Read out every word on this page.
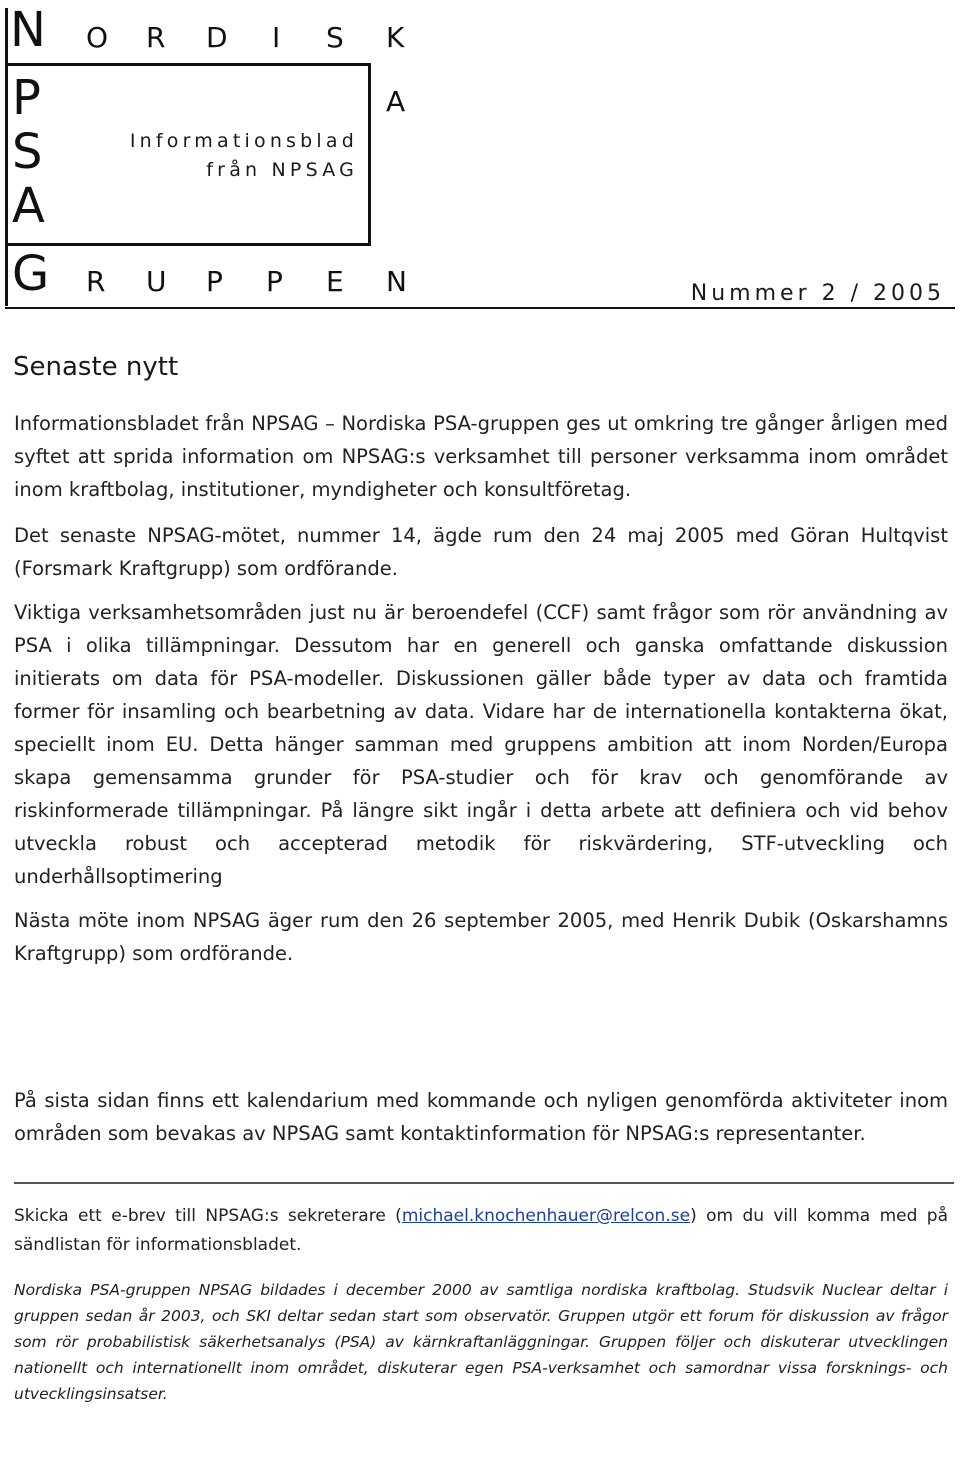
N
P
S
A
G
O R D I S K
A
Informationsblad
från NPSAG
R U P P E N	Nummer 2 / 2005
Senaste nytt

Informationsbladet från NPSAG – Nordiska PSA-gruppen ges ut omkring tre gånger årligen med syftet att sprida information om NPSAG:s verksamhet till personer verksamma inom området inom kraftbolag, institutioner, myndigheter och konsultföretag.

Det senaste NPSAG-mötet, nummer 14, ägde rum den 24 maj 2005 med Göran Hultqvist (Forsmark Kraftgrupp) som ordförande.

Viktiga verksamhetsområden just nu är beroendefel (CCF) samt frågor som rör användning av PSA i olika tillämpningar. Dessutom har en generell och ganska omfattande diskussion initierats om data för PSA-modeller. Diskussionen gäller både typer av data och framtida former för insamling och bearbetning av data. Vidare har de internationella kontakterna ökat, speciellt inom EU. Detta hänger samman med gruppens ambition att inom Norden/Europa skapa gemensamma grunder för PSA-studier och för krav och genomförande av riskinformerade tillämpningar. På längre sikt ingår i detta arbete att definiera och vid behov utveckla robust och accepterad metodik för riskvärdering, STF-utveckling och underhållsoptimering

Nästa möte inom NPSAG äger rum den 26 september 2005, med Henrik Dubik (Oskarshamns Kraftgrupp) som ordförande.

På sista sidan finns ett kalendarium med kommande och nyligen genomförda aktiviteter inom områden som bevakas av NPSAG samt kontaktinformation för NPSAG:s representanter.

Skicka ett e-brev till NPSAG:s sekreterare (michael.knochenhauer@relcon.se) om du vill komma med på sändlistan för informationsbladet.

Nordiska PSA-gruppen NPSAG bildades i december 2000 av samtliga nordiska kraftbolag. Studsvik Nuclear deltar i gruppen sedan år 2003, och SKI deltar sedan start som observatör. Gruppen utgör ett forum för diskussion av frågor som rör probabilistisk säkerhetsanalys (PSA) av kärnkraftanläggningar. Gruppen följer och diskuterar utvecklingen nationellt och internationellt inom området, diskuterar egen PSA-verksamhet och samordnar vissa forsknings- och utvecklingsinsatser.
